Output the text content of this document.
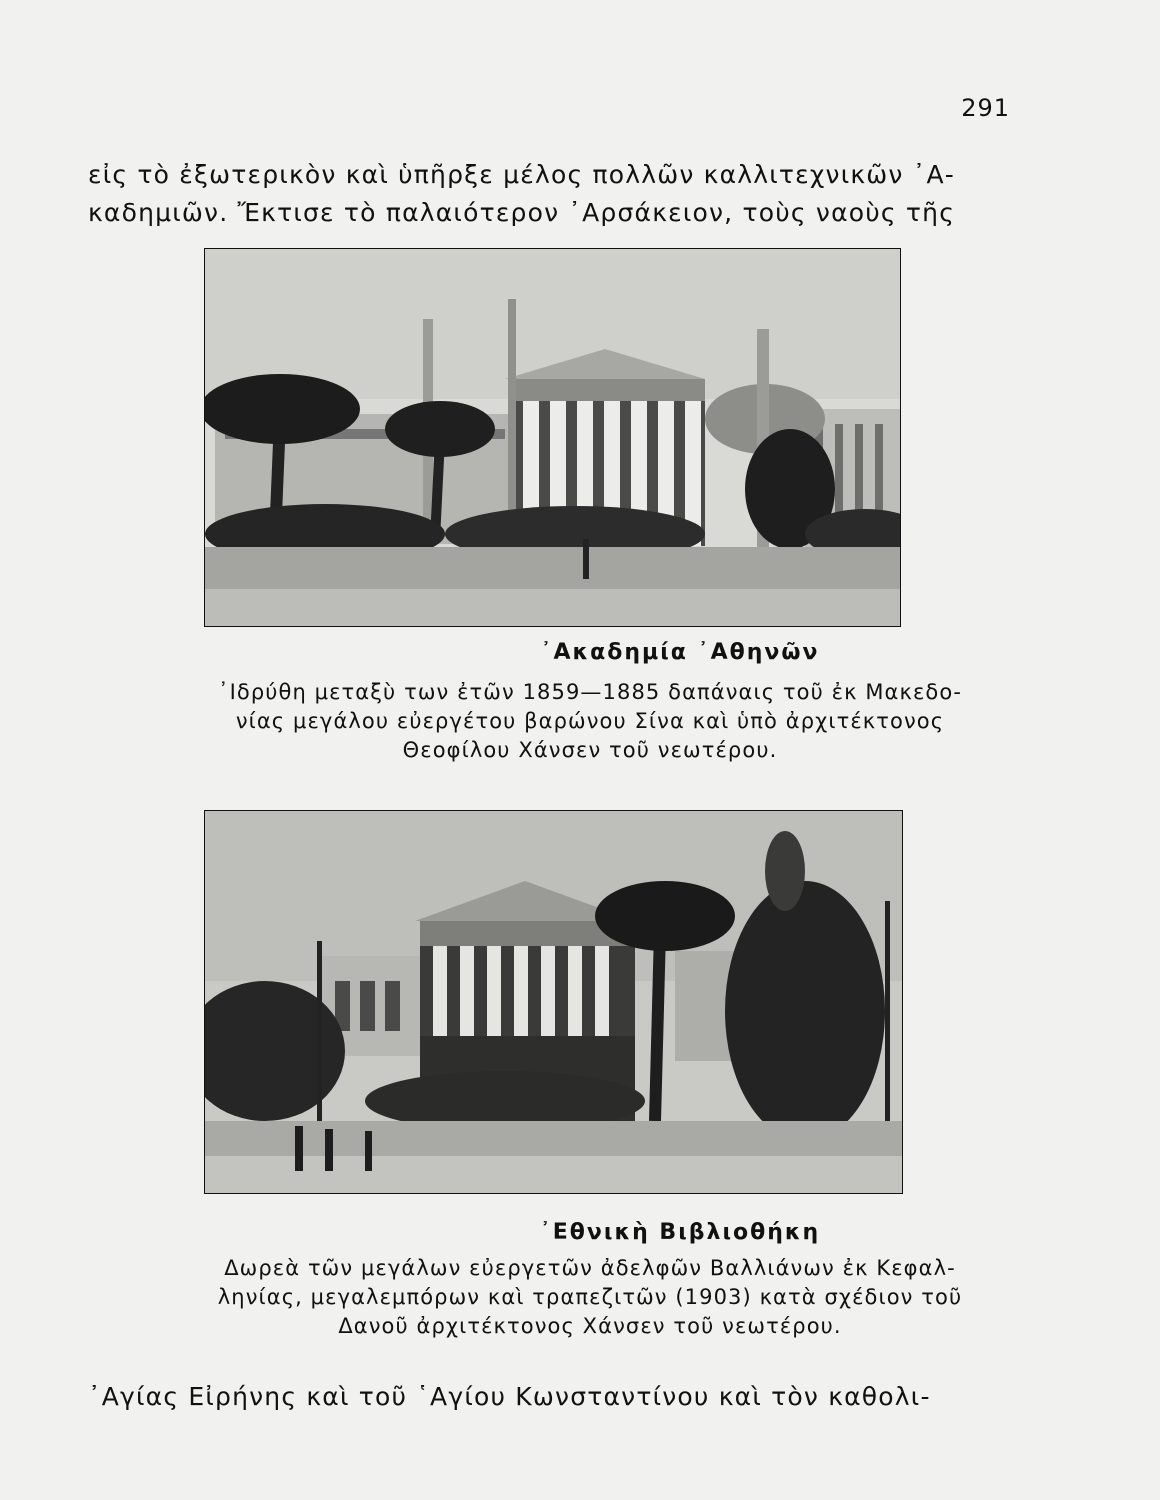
291
εἰς τὸ ἐξωτερικὸν καὶ ὑπῆρξε μέλος πολλῶν καλλιτεχνικῶν ᾿Α-
καδημιῶν. Ἔκτισε τὸ παλαιότερον ᾿Αρσάκειον, τοὺς ναοὺς τῆς
᾿Ακαδημία ᾿Αθηνῶν
᾿Ιδρύθη μεταξὺ των ἐτῶν 1859—1885 δαπάναις τοῦ ἐκ Μακεδο-
νίας μεγάλου εὐεργέτου βαρώνου Σίνα καὶ ὑπὸ ἀρχιτέκτονος
Θεοφίλου Χάνσεν τοῦ νεωτέρου.
᾿Εθνικὴ Βιβλιοθήκη
Δωρεὰ τῶν μεγάλων εὐεργετῶν ἀδελφῶν Βαλλιάνων ἐκ Κεφαλ-
ληνίας, μεγαλεμπόρων καὶ τραπεζιτῶν (1903) κατὰ σχέδιον τοῦ
Δανοῦ ἀρχιτέκτονος Χάνσεν τοῦ νεωτέρου.
᾿Αγίας Εἰρήνης καὶ τοῦ ῾Αγίου Κωνσταντίνου καὶ τὸν καθολι-
